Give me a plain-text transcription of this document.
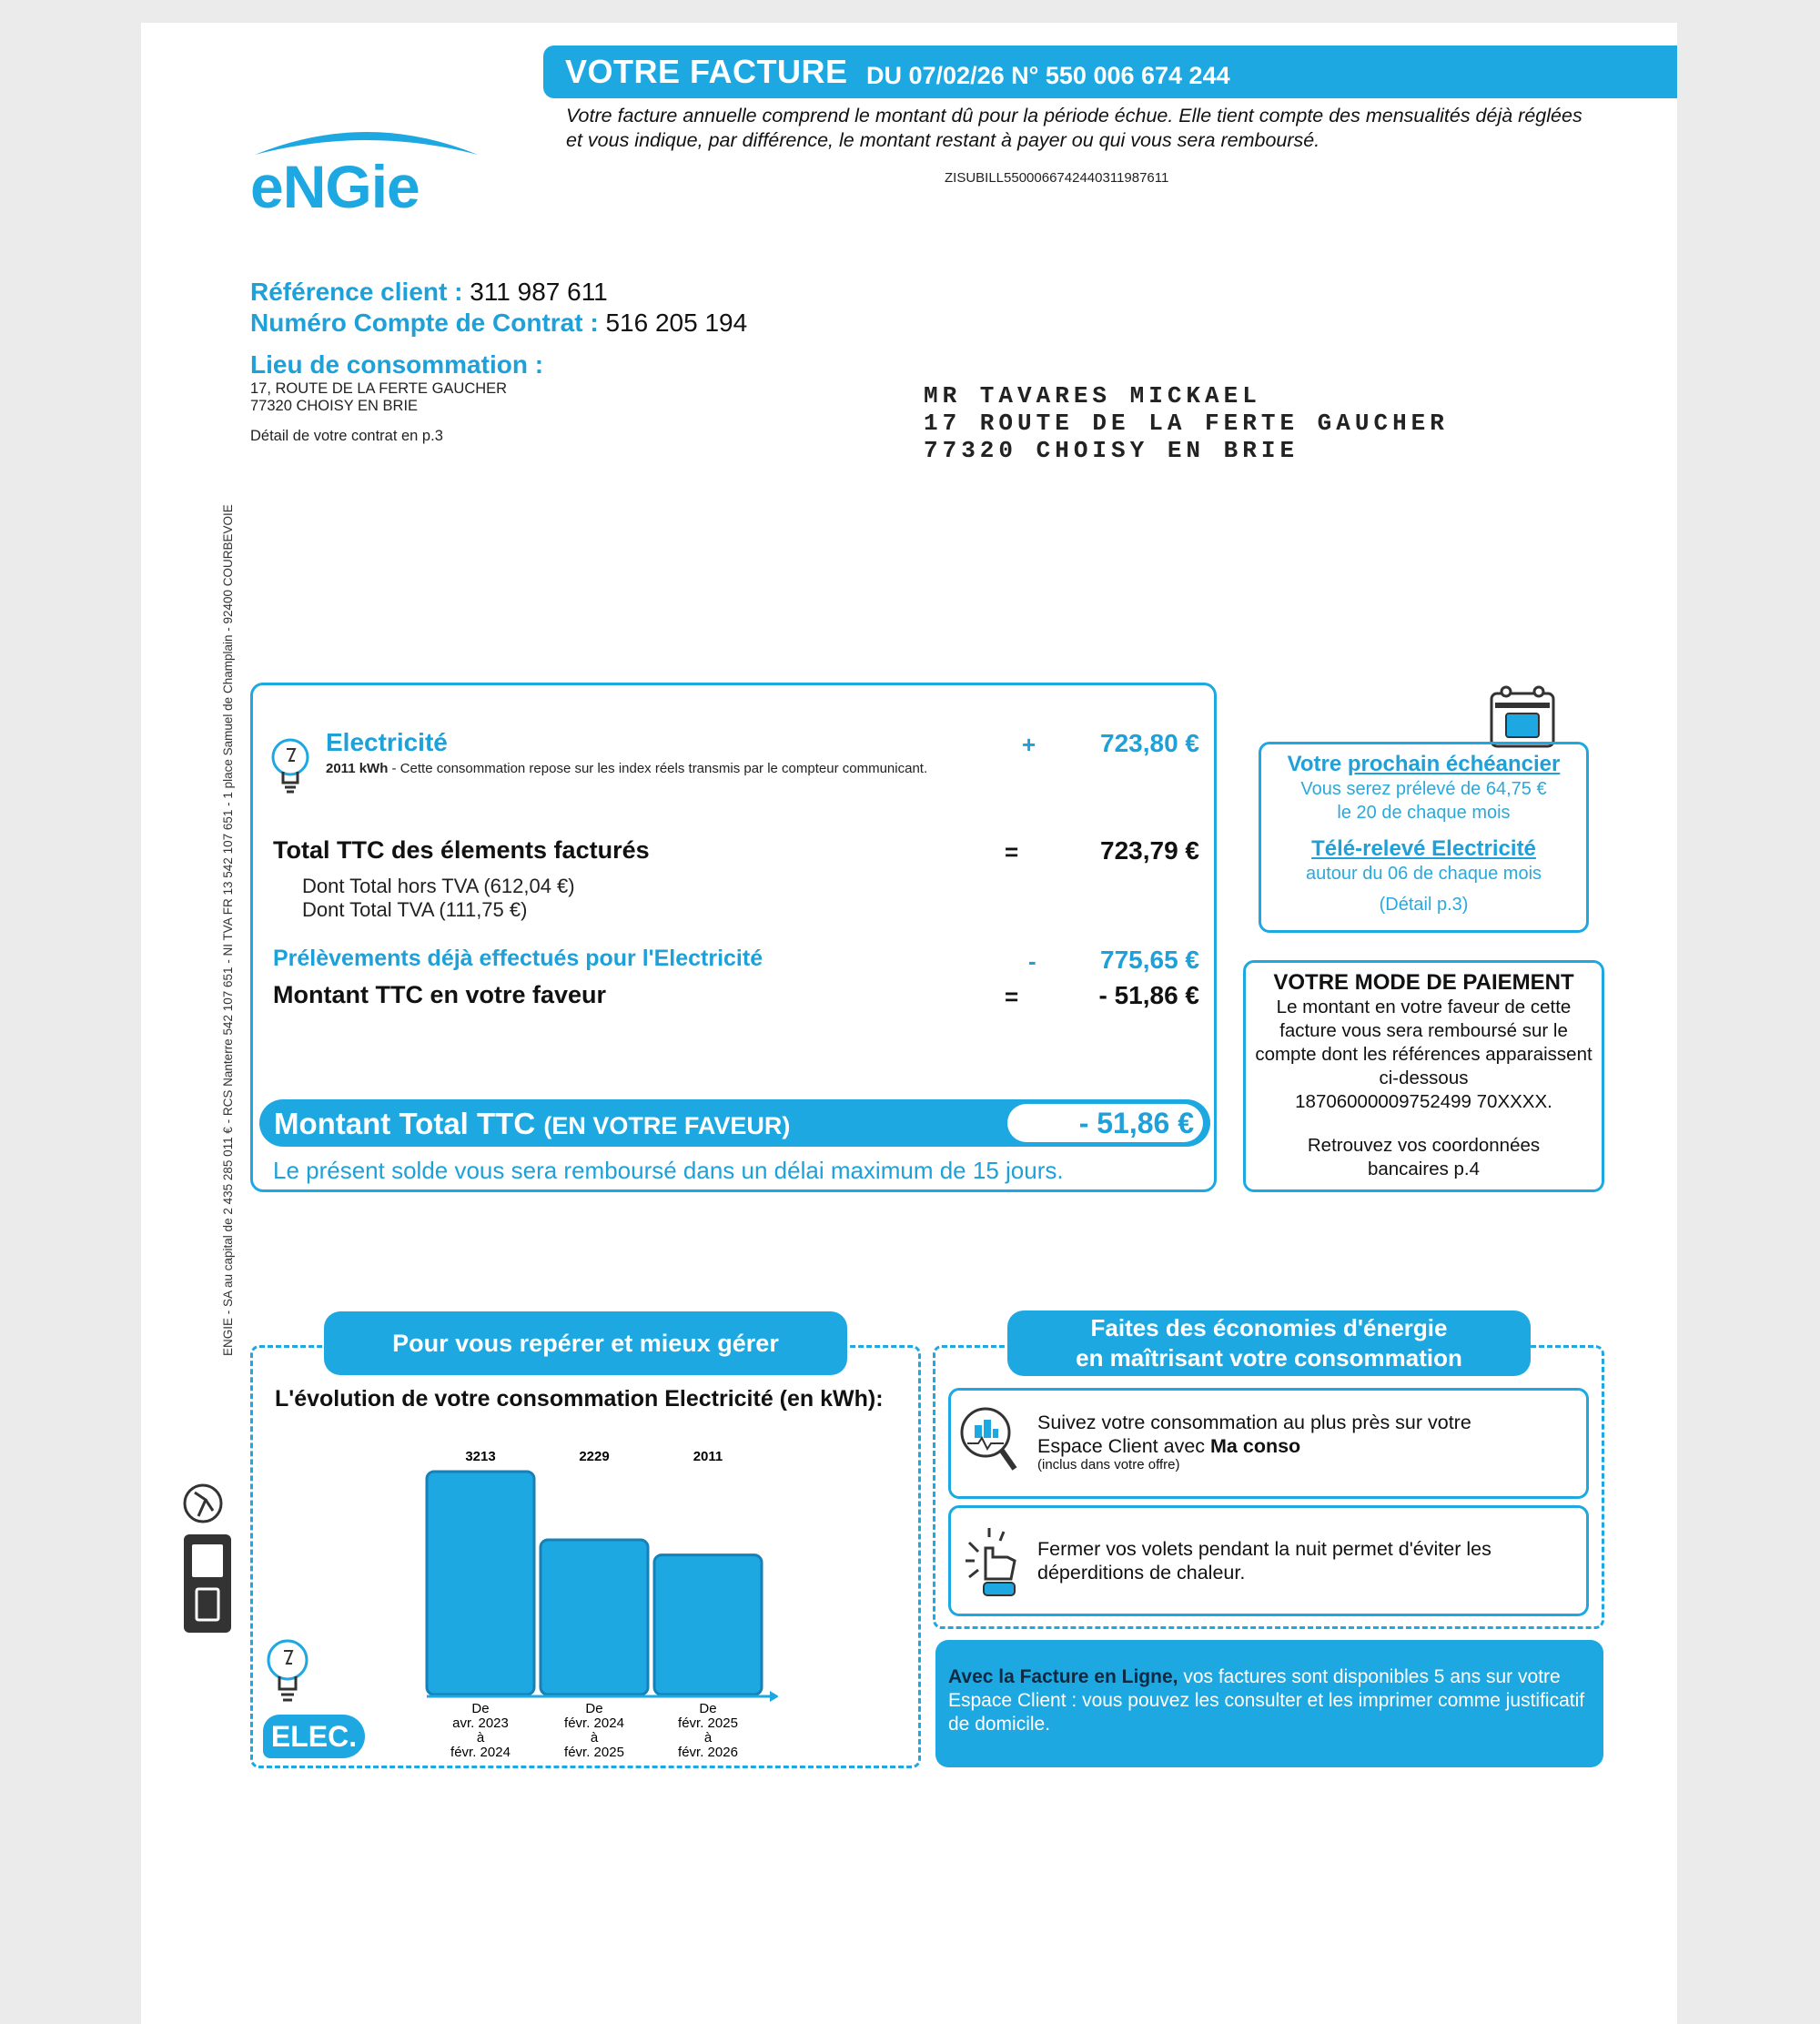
VOTRE FACTURE DU 07/02/26 N° 550 006 674 244
Votre facture annuelle comprend le montant dû pour la période échue. Elle tient compte des mensualités déjà réglées et vous indique, par différence, le montant restant à payer ou qui vous sera remboursé.
ZISUBILL5500066742440311987611
eNGie
Référence client : 311 987 611
Numéro Compte de Contrat : 516 205 194
Lieu de consommation :
17, ROUTE DE LA FERTE GAUCHER
77320 CHOISY EN BRIE
Détail de votre contrat en p.3
MR TAVARES MICKAEL
17 ROUTE DE LA FERTE GAUCHER
77320 CHOISY EN BRIE
ENGIE - SA au capital de 2 435 285 011 € - RCS Nanterre 542 107 651 - NI TVA FR 13 542 107 651 - 1 place Samuel de Champlain - 92400 COURBEVOIE	Electricité
2011 kWh - Cette consommation repose sur les index réels transmis par le compteur communicant.
+	723,80 €
Total TTC des élements facturés	=	723,79 €
Dont Total hors TVA (612,04 €)
Dont Total TVA (111,75 €)
Prélèvements déjà effectués pour l'Electricité	-	775,65 €
Montant TTC en votre faveur	=	- 51,86 €
Montant Total TTC (EN VOTRE FAVEUR)	- 51,86 €
Le présent solde vous sera remboursé dans un délai maximum de 15 jours.
Votre prochain échéancier
Vous serez prélevé de 64,75 €
le 20 de chaque mois
Télé-relevé Electricité
autour du 06 de chaque mois
(Détail p.3)
VOTRE MODE DE PAIEMENT
Le montant en votre faveur de cette facture vous sera remboursé sur le compte dont les références apparaissent ci-dessous
18706000009752499 70XXXX.
Retrouvez vos coordonnées bancaires p.4
Pour vous repérer et mieux gérer
L'évolution de votre consommation Electricité (en kWh):
3213
De
avr. 2023
à
févr. 2024
2229
De
févr. 2024
à
févr. 2025
2011
De
févr. 2025
à
févr. 2026
ELEC.
Faites des économies d'énergie
en maîtrisant votre consommation
Suivez votre consommation au plus près sur votre
Espace Client avec Ma conso
(inclus dans votre offre)
Fermer vos volets pendant la nuit permet d'éviter les déperditions de chaleur.
Avec la Facture en Ligne, vos factures sont disponibles 5 ans sur votre Espace Client : vous pouvez les consulter et les imprimer comme justificatif de domicile.
